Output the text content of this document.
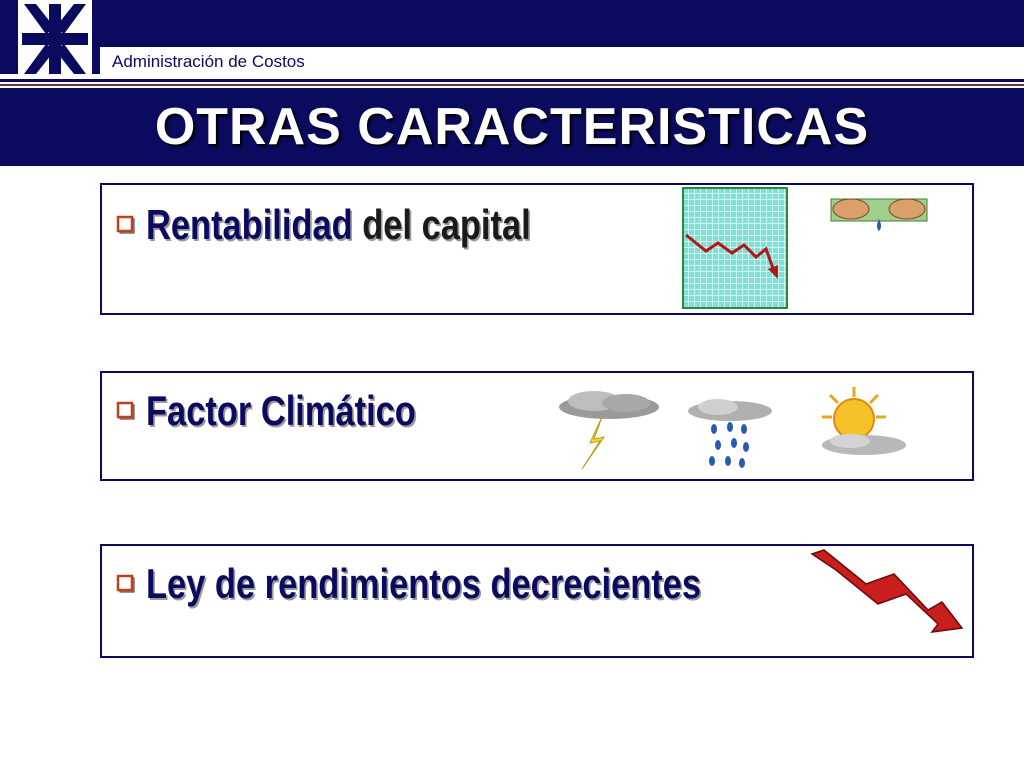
Administración de Costos
OTRAS CARACTERISTICAS
Rentabilidad del capital
Factor Climático
Ley de rendimientos decrecientes
